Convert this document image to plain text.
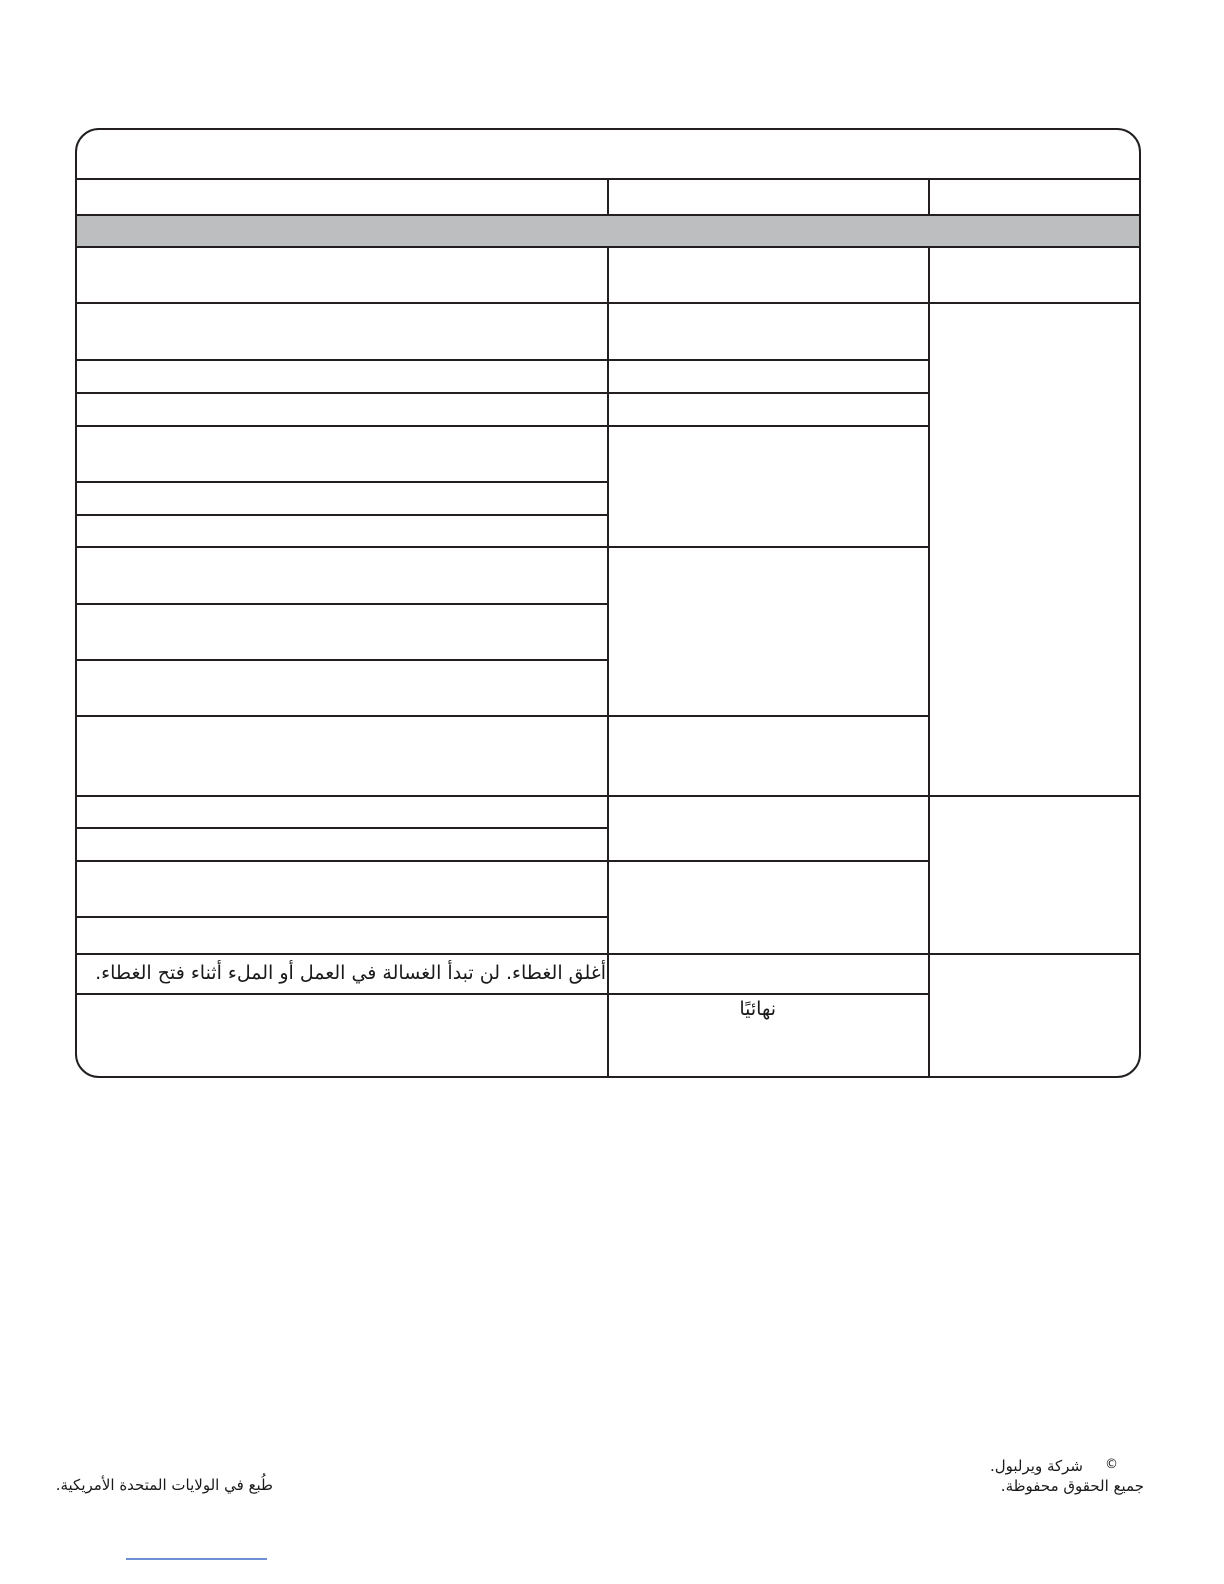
أغلق الغطاء. لن تبدأ الغسالة في العمل أو الملء أثناء فتح الغطاء.
نهائيًا
©
شركة ويرلبول.
جميع الحقوق محفوظة.
طُبع في الولايات المتحدة الأمريكية.
